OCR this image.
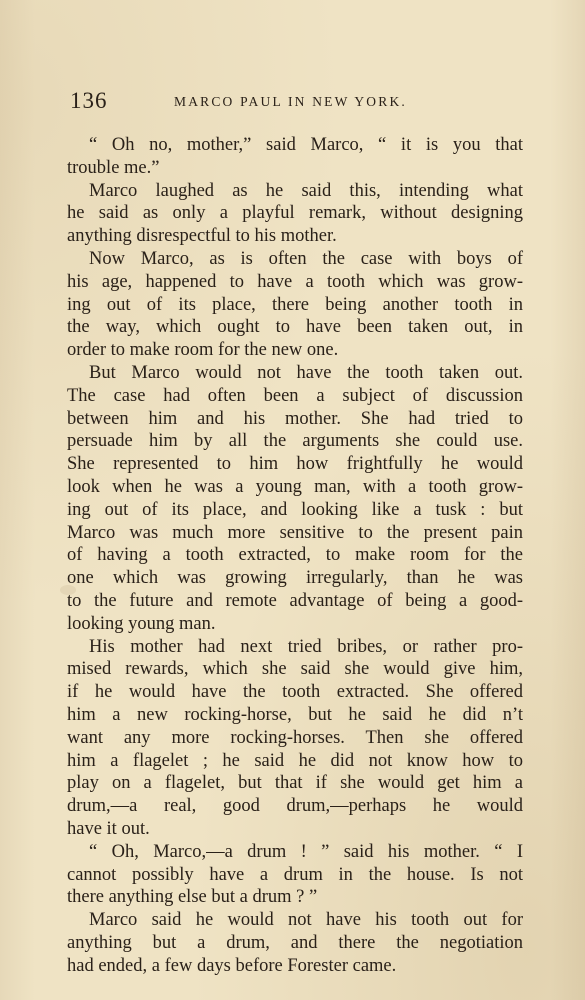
136	MARCO PAUL IN NEW YORK.
“ Oh no, mother,” said Marco, “ it is you that
trouble me.”
Marco laughed as he said this, intending what
he said as only a playful remark, without designing
anything disrespectful to his mother.
Now Marco, as is often the case with boys of
his age, happened to have a tooth which was grow-
ing out of its place, there being another tooth in
the way, which ought to have been taken out, in
order to make room for the new one.
But Marco would not have the tooth taken out.
The case had often been a subject of discussion
between him and his mother. She had tried to
persuade him by all the arguments she could use.
She represented to him how frightfully he would
look when he was a young man, with a tooth grow-
ing out of its place, and looking like a tusk : but
Marco was much more sensitive to the present pain
of having a tooth extracted, to make room for the
one which was growing irregularly, than he was
to the future and remote advantage of being a good-
looking young man.
His mother had next tried bribes, or rather pro-
mised rewards, which she said she would give him,
if he would have the tooth extracted. She offered
him a new rocking-horse, but he said he did n’t
want any more rocking-horses. Then she offered
him a flagelet ; he said he did not know how to
play on a flagelet, but that if she would get him a
drum,—a real, good drum,—perhaps he would
have it out.
“ Oh, Marco,—a drum ! ” said his mother. “ I
cannot possibly have a drum in the house. Is not
there anything else but a drum ? ”
Marco said he would not have his tooth out for
anything but a drum, and there the negotiation
had ended, a few days before Forester came.
